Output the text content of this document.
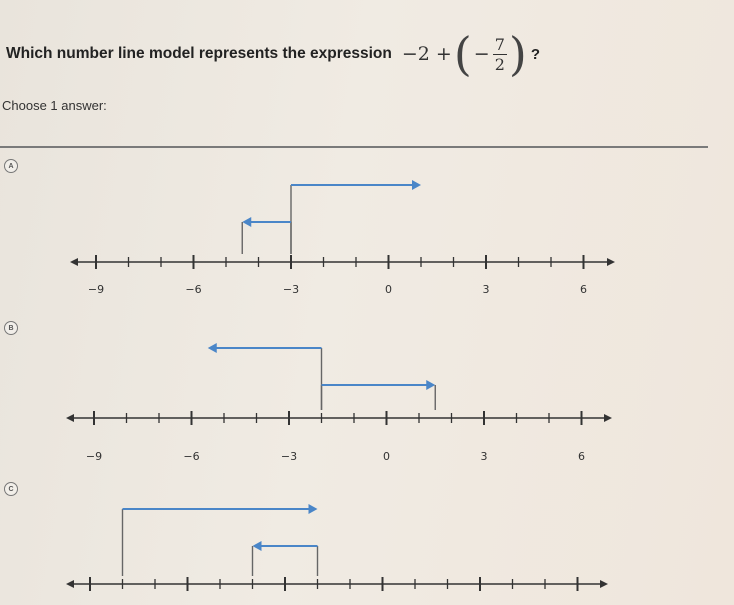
Which number line model represents the expression −2 + ( − $\frac{7}{2}$ ) ?
Choose 1 answer:
A
−9	−6	−3	0	3	6
B
−9	−6	−3	0	3	6
C
